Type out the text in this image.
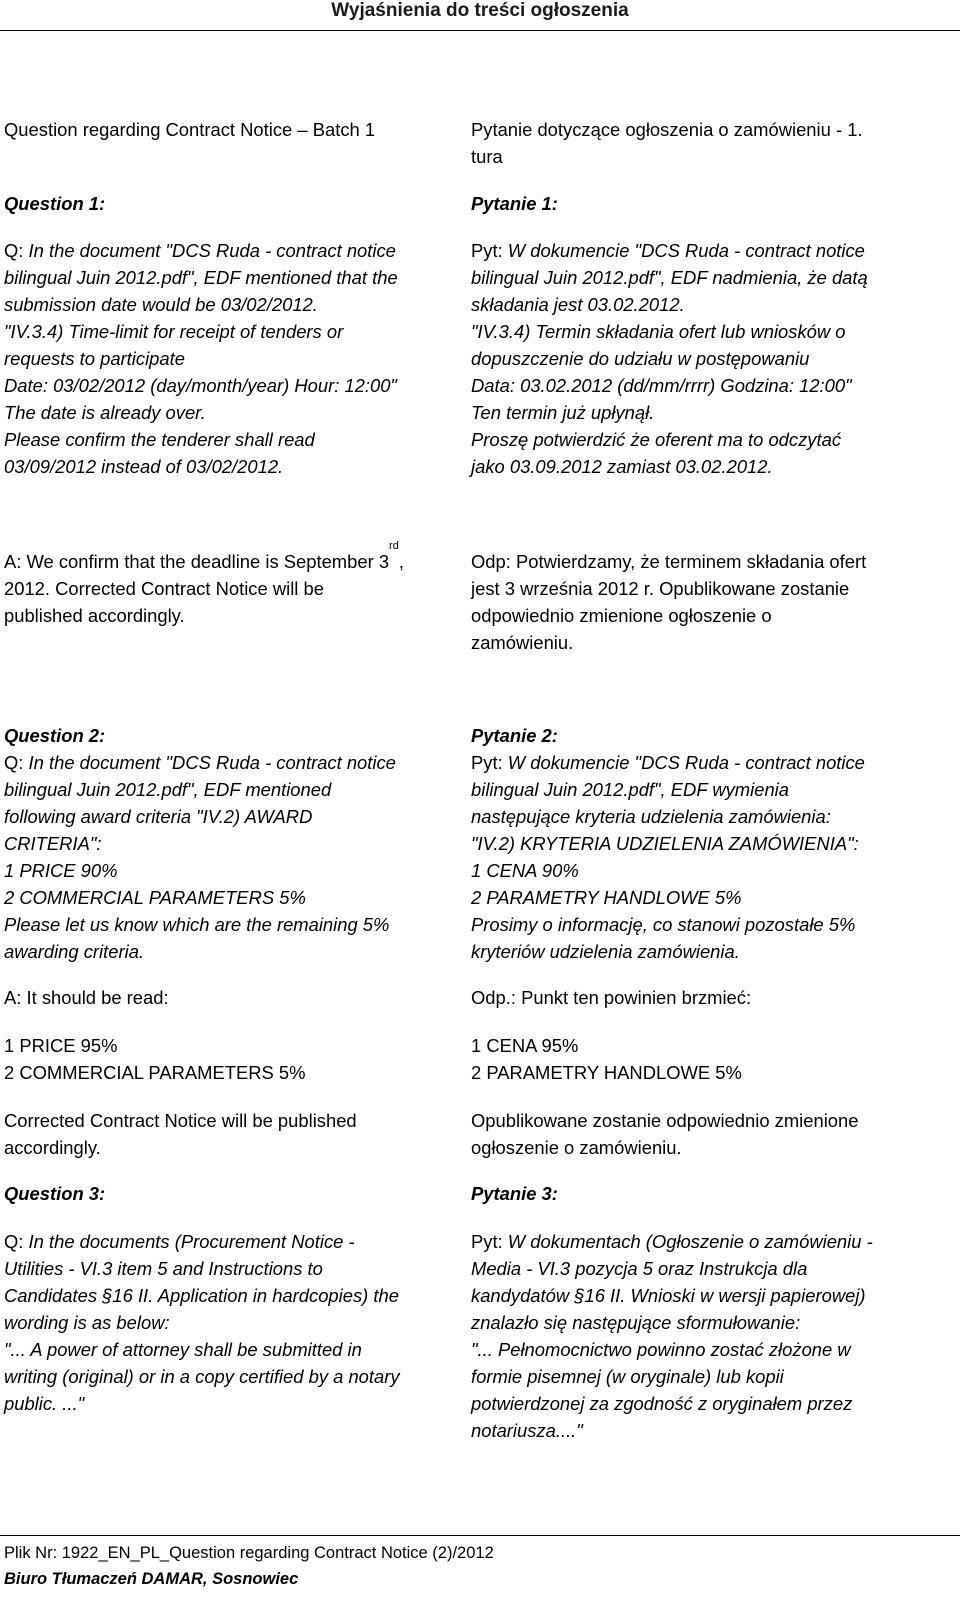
Wyjaśnienia do treści ogłoszenia
Question regarding Contract Notice – Batch 1
Question 1:
Q: In the document "DCS Ruda - contract notice
bilingual Juin 2012.pdf", EDF mentioned that the
submission date would be 03/02/2012.
"IV.3.4) Time-limit for receipt of tenders or
requests to participate
Date: 03/02/2012 (day/month/year) Hour: 12:00"
The date is already over.
Please confirm the tenderer shall read
03/09/2012 instead of 03/02/2012.
A: We confirm that the deadline is September 3rd,
2012. Corrected Contract Notice will be
published accordingly.
Question 2:
Q: In the document "DCS Ruda - contract notice
bilingual Juin 2012.pdf", EDF mentioned
following award criteria "IV.2) AWARD
CRITERIA":
1 PRICE 90%
2 COMMERCIAL PARAMETERS 5%
Please let us know which are the remaining 5%
awarding criteria.
A: It should be read:
1 PRICE 95%
2 COMMERCIAL PARAMETERS 5%
Corrected Contract Notice will be published
accordingly.
Question 3:
Q: In the documents (Procurement Notice -
Utilities - VI.3 item 5 and Instructions to
Candidates §16 II. Application in hardcopies) the
wording is as below:
"... A power of attorney shall be submitted in
writing (original) or in a copy certified by a notary
public. ..."
Pytanie dotyczące ogłoszenia o zamówieniu - 1.
tura
Pytanie 1:
Pyt: W dokumencie "DCS Ruda - contract notice
bilingual Juin 2012.pdf", EDF nadmienia, że datą
składania jest 03.02.2012.
"IV.3.4) Termin składania ofert lub wniosków o
dopuszczenie do udziału w postępowaniu
Data: 03.02.2012 (dd/mm/rrrr) Godzina: 12:00"
Ten termin już upłynął.
Proszę potwierdzić że oferent ma to odczytać
jako 03.09.2012 zamiast 03.02.2012.
Odp: Potwierdzamy, że terminem składania ofert
jest 3 września 2012 r. Opublikowane zostanie
odpowiednio zmienione ogłoszenie o
zamówieniu.
Pytanie 2:
Pyt: W dokumencie "DCS Ruda - contract notice
bilingual Juin 2012.pdf", EDF wymienia
następujące kryteria udzielenia zamówienia:
"IV.2) KRYTERIA UDZIELENIA ZAMÓWIENIA":
1 CENA 90%
2 PARAMETRY HANDLOWE 5%
Prosimy o informację, co stanowi pozostałe 5%
kryteriów udzielenia zamówienia.
Odp.: Punkt ten powinien brzmieć:
1 CENA 95%
2 PARAMETRY HANDLOWE 5%
Opublikowane zostanie odpowiednio zmienione
ogłoszenie o zamówieniu.
Pytanie 3:
Pyt: W dokumentach (Ogłoszenie o zamówieniu -
Media - VI.3 pozycja 5 oraz Instrukcja dla
kandydatów §16 II. Wnioski w wersji papierowej)
znalazło się następujące sformułowanie:
"... Pełnomocnictwo powinno zostać złożone w
formie pisemnej (w oryginale) lub kopii
potwierdzonej za zgodność z oryginałem przez
notariusza...."
Plik Nr: 1922_EN_PL_Question regarding Contract Notice (2)/2012
Biuro Tłumaczeń DAMAR, Sosnowiec
